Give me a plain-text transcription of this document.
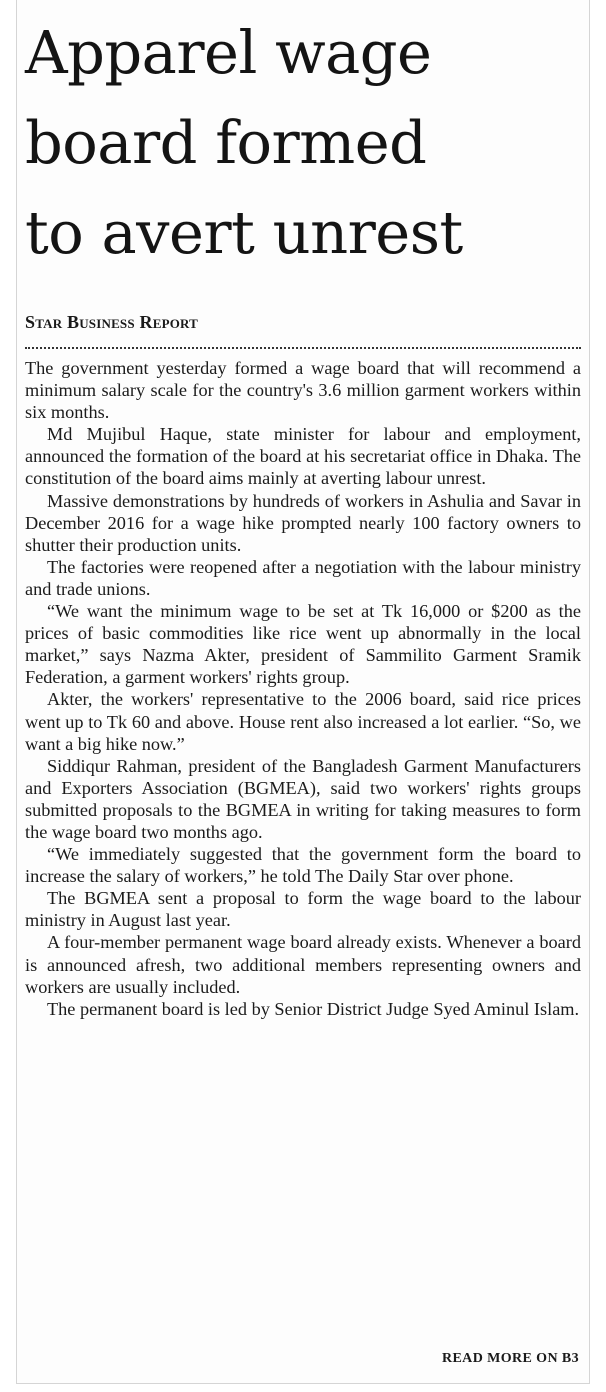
Apparel wage
board formed
to avert unrest
Star Business Report

The government yesterday formed a wage board that will recommend a minimum salary scale for the country's 3.6 million garment workers within six months.

Md Mujibul Haque, state minister for labour and employment, announced the formation of the board at his secretariat office in Dhaka. The constitution of the board aims mainly at averting labour unrest.

Massive demonstrations by hundreds of workers in Ashulia and Savar in December 2016 for a wage hike prompted nearly 100 factory owners to shutter their production units.

The factories were reopened after a negotiation with the labour ministry and trade unions.

“We want the minimum wage to be set at Tk 16,000 or $200 as the prices of basic commodities like rice went up abnormally in the local market,” says Nazma Akter, president of Sammilito Garment Sramik Federation, a garment workers' rights group.

Akter, the workers' representative to the 2006 board, said rice prices went up to Tk 60 and above. House rent also increased a lot earlier. “So, we want a big hike now.”

Siddiqur Rahman, president of the Bangladesh Garment Manufacturers and Exporters Association (BGMEA), said two workers' rights groups submitted proposals to the BGMEA in writing for taking measures to form the wage board two months ago.

“We immediately suggested that the government form the board to increase the salary of workers,” he told The Daily Star over phone.

The BGMEA sent a proposal to form the wage board to the labour ministry in August last year.

A four-member permanent wage board already exists. Whenever a board is announced afresh, two additional members representing owners and workers are usually included.

The permanent board is led by Senior District Judge Syed Aminul Islam.

READ MORE ON B3
